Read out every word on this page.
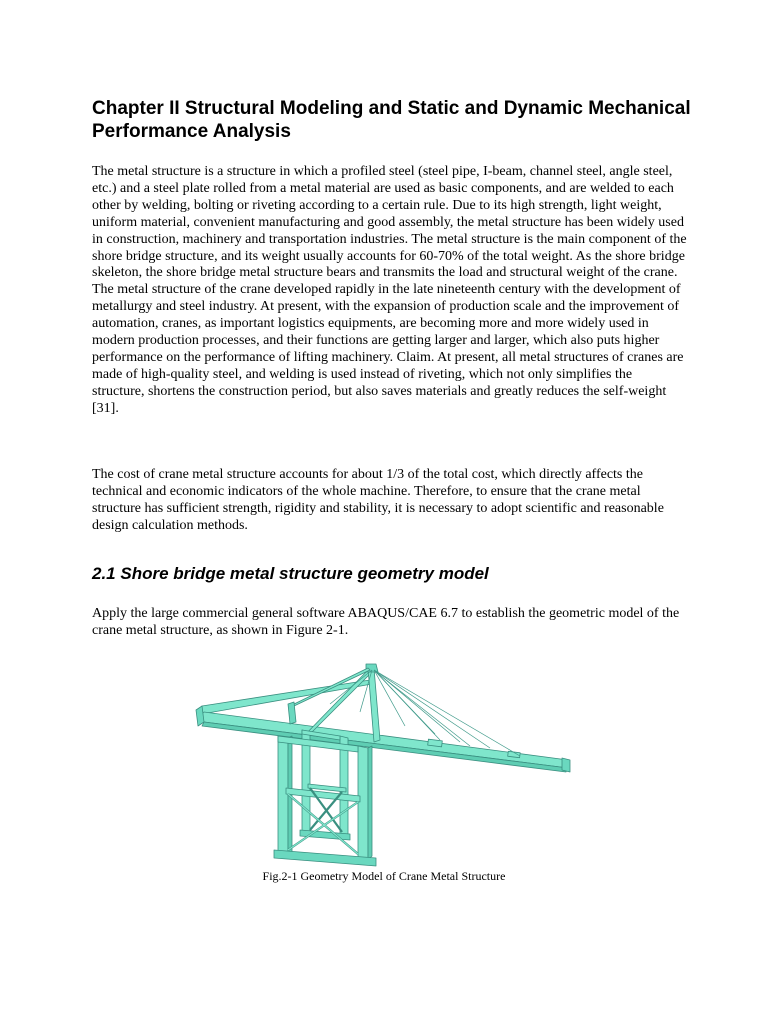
Chapter II Structural Modeling and Static and Dynamic Mechanical Performance Analysis

The metal structure is a structure in which a profiled steel (steel pipe, I-beam, channel steel, angle steel, etc.) and a steel plate rolled from a metal material are used as basic components, and are welded to each other by welding, bolting or riveting according to a certain rule. Due to its high strength, light weight, uniform material, convenient manufacturing and good assembly, the metal structure has been widely used in construction, machinery and transportation industries. The metal structure is the main component of the shore bridge structure, and its weight usually accounts for 60-70% of the total weight. As the shore bridge skeleton, the shore bridge metal structure bears and transmits the load and structural weight of the crane. The metal structure of the crane developed rapidly in the late nineteenth century with the development of metallurgy and steel industry. At present, with the expansion of production scale and the improvement of automation, cranes, as important logistics equipments, are becoming more and more widely used in modern production processes, and their functions are getting larger and larger, which also puts higher performance on the performance of lifting machinery. Claim. At present, all metal structures of cranes are made of high-quality steel, and welding is used instead of riveting, which not only simplifies the structure, shortens the construction period, but also saves materials and greatly reduces the self-weight [31].

The cost of crane metal structure accounts for about 1/3 of the total cost, which directly affects the technical and economic indicators of the whole machine. Therefore, to ensure that the crane metal structure has sufficient strength, rigidity and stability, it is necessary to adopt scientific and reasonable design calculation methods.

2.1 Shore bridge metal structure geometry model

Apply the large commercial general software ABAQUS/CAE 6.7 to establish the geometric model of the crane metal structure, as shown in Figure 2-1.

Fig.2-1 Geometry Model of Crane Metal Structure
